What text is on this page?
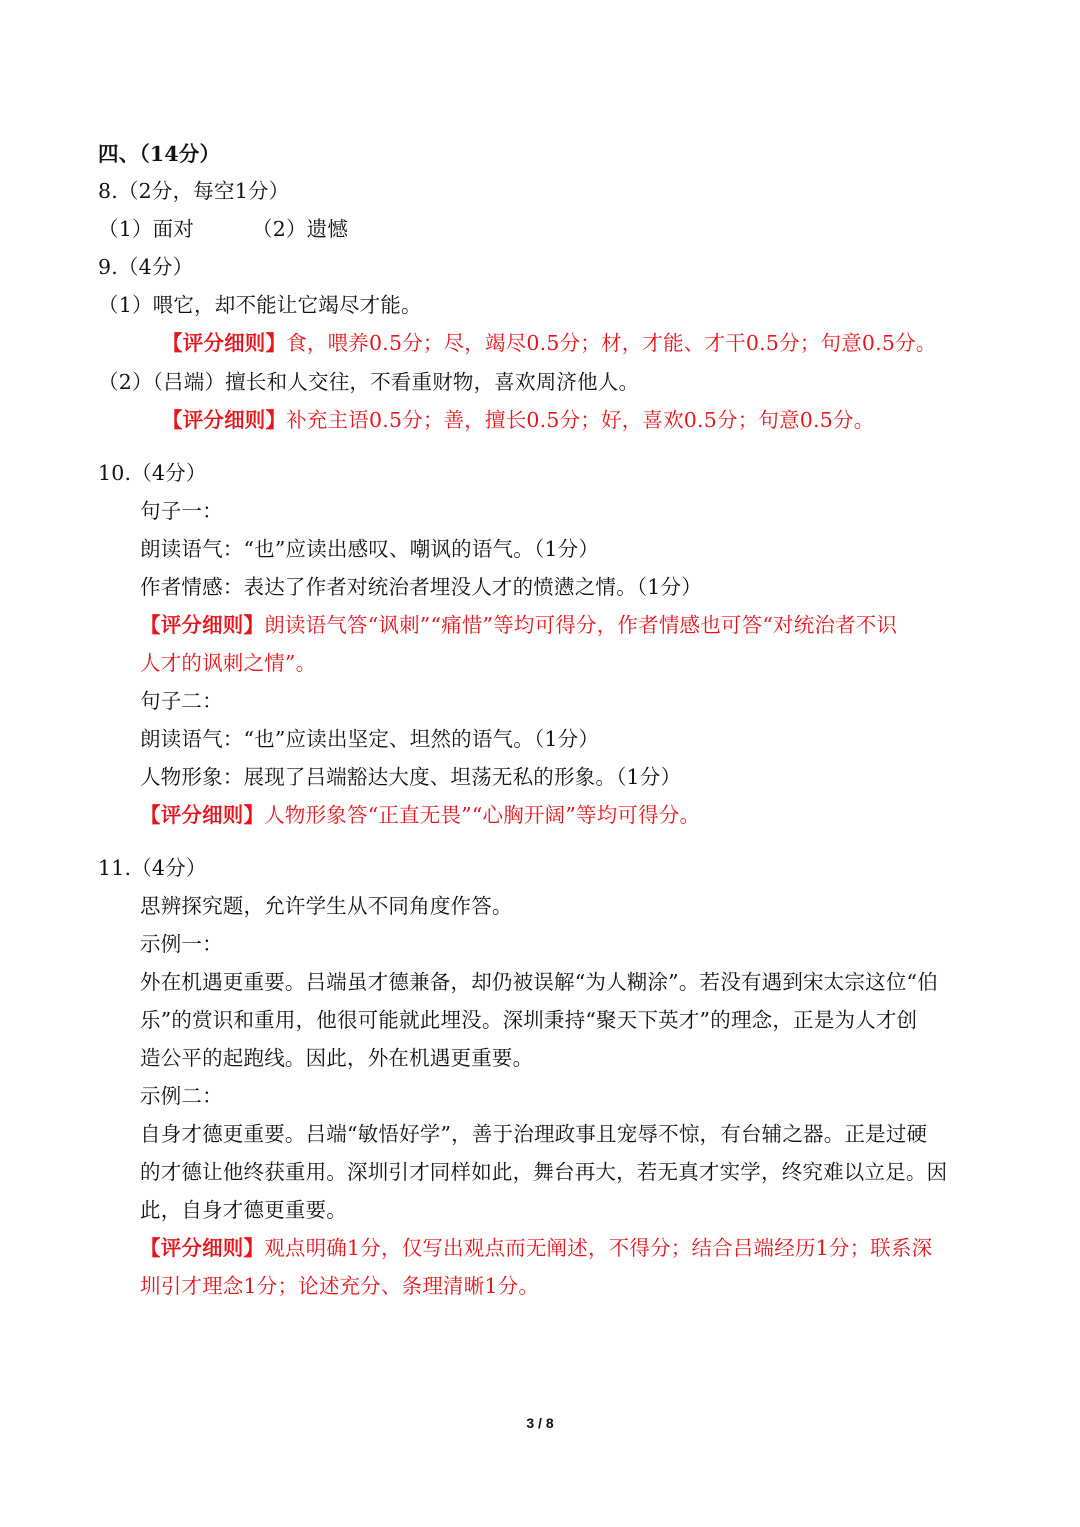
四、（14分）
8.（2分，每空1分）
（1）面对	（2）遗憾
9.（4分）
（1）喂它，却不能让它竭尽才能。
【评分细则】食，喂养0.5分；尽，竭尽0.5分；材，才能、才干0.5分；句意0.5分。
（2）（吕端）擅长和人交往，不看重财物，喜欢周济他人。
【评分细则】补充主语0.5分；善，擅长0.5分；好，喜欢0.5分；句意0.5分。
10.（4分）
句子一：
朗读语气：“也”应读出感叹、嘲讽的语气。（1分）
作者情感：表达了作者对统治者埋没人才的愤懑之情。（1分）
【评分细则】朗读语气答“讽刺”“痛惜”等均可得分，作者情感也可答“对统治者不识
人才的讽刺之情”。
句子二：
朗读语气：“也”应读出坚定、坦然的语气。（1分）
人物形象：展现了吕端豁达大度、坦荡无私的形象。（1分）
【评分细则】人物形象答“正直无畏”“心胸开阔”等均可得分。
11.（4分）
思辨探究题，允许学生从不同角度作答。
示例一：
外在机遇更重要。吕端虽才德兼备，却仍被误解“为人糊涂”。若没有遇到宋太宗这位“伯
乐”的赏识和重用，他很可能就此埋没。深圳秉持“聚天下英才”的理念，正是为人才创
造公平的起跑线。因此，外在机遇更重要。
示例二：
自身才德更重要。吕端“敏悟好学”，善于治理政事且宠辱不惊，有台辅之器。正是过硬
的才德让他终获重用。深圳引才同样如此，舞台再大，若无真才实学，终究难以立足。因
此，自身才德更重要。
【评分细则】观点明确1分，仅写出观点而无阐述，不得分；结合吕端经历1分；联系深
圳引才理念1分；论述充分、条理清晰1分。
3 / 8
